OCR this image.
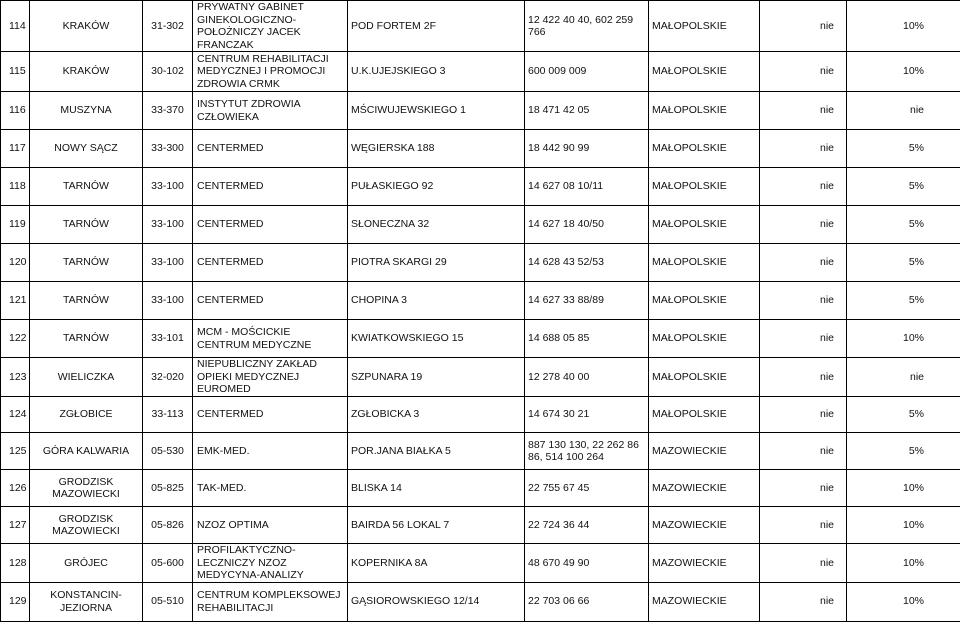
114	KRAKÓW	31-302	PRYWATNY GABINET GINEKOLOGICZNO-POŁOŻNICZY JACEK FRANCZAK	POD FORTEM 2F	12 422 40 40, 602 259 766	MAŁOPOLSKIE	nie	10%
115	KRAKÓW	30-102	CENTRUM REHABILITACJI MEDYCZNEJ I PROMOCJI ZDROWIA CRMK	U.K.UJEJSKIEGO 3	600 009 009	MAŁOPOLSKIE	nie	10%
116	MUSZYNA	33-370	INSTYTUT ZDROWIA CZŁOWIEKA	MŚCIWUJEWSKIEGO 1	18 471 42 05	MAŁOPOLSKIE	nie	nie
117	NOWY SĄCZ	33-300	CENTERMED	WĘGIERSKA 188	18 442 90 99	MAŁOPOLSKIE	nie	5%
118	TARNÓW	33-100	CENTERMED	PUŁASKIEGO 92	14 627 08 10/11	MAŁOPOLSKIE	nie	5%
119	TARNÓW	33-100	CENTERMED	SŁONECZNA 32	14 627 18 40/50	MAŁOPOLSKIE	nie	5%
120	TARNÓW	33-100	CENTERMED	PIOTRA SKARGI 29	14 628 43 52/53	MAŁOPOLSKIE	nie	5%
121	TARNÓW	33-100	CENTERMED	CHOPINA 3	14 627 33 88/89	MAŁOPOLSKIE	nie	5%
122	TARNÓW	33-101	MCM - MOŚCICKIE CENTRUM MEDYCZNE	KWIATKOWSKIEGO 15	14 688 05 85	MAŁOPOLSKIE	nie	10%
123	WIELICZKA	32-020	NIEPUBLICZNY ZAKŁAD OPIEKI MEDYCZNEJ EUROMED	SZPUNARA 19	12 278 40 00	MAŁOPOLSKIE	nie	nie
124	ZGŁOBICE	33-113	CENTERMED	ZGŁOBICKA 3	14 674 30 21	MAŁOPOLSKIE	nie	5%
125	GÓRA KALWARIA	05-530	EMK-MED.	POR.JANA BIAŁKA 5	887 130 130, 22 262 86 86, 514 100 264	MAZOWIECKIE	nie	5%
126	GRODZISK MAZOWIECKI	05-825	TAK-MED.	BLISKA 14	22 755 67 45	MAZOWIECKIE	nie	10%
127	GRODZISK MAZOWIECKI	05-826	NZOZ OPTIMA	BAIRDA 56 LOKAL 7	22 724 36 44	MAZOWIECKIE	nie	10%
128	GRÓJEC	05-600	PROFILAKTYCZNO-LECZNICZY NZOZ MEDYCYNA-ANALIZY	KOPERNIKA 8A	48 670 49 90	MAZOWIECKIE	nie	10%
129	KONSTANCIN-JEZIORNA	05-510	CENTRUM KOMPLEKSOWEJ REHABILITACJI	GĄSIOROWSKIEGO 12/14	22 703 06 66	MAZOWIECKIE	nie	10%
